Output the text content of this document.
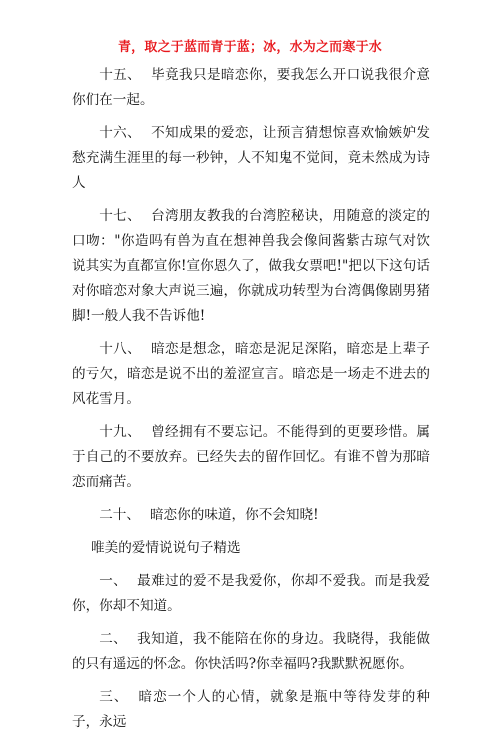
青，取之于蓝而青于蓝；冰，水为之而寒于水

十五、 毕竟我只是暗恋你，要我怎么开口说我很介意你们在一起。

十六、 不知成果的爱恋，让预言猜想惊喜欢愉嫉妒发愁充满生涯里的每一秒钟，人不知鬼不觉间，竟未然成为诗人

十七、 台湾朋友教我的台湾腔秘诀，用随意的淡定的口吻："你造吗有兽为直在想神兽我会像间酱紫古琼气对饮说其实为直都宣你!宣你恩久了，做我女票吧!"把以下这句话对你暗恋对象大声说三遍，你就成功转型为台湾偶像剧男猪脚!一般人我不告诉他!

十八、 暗恋是想念，暗恋是泥足深陷，暗恋是上辈子的亏欠，暗恋是说不出的羞涩宣言。暗恋是一场走不进去的风花雪月。

十九、 曾经拥有不要忘记。不能得到的更要珍惜。属于自己的不要放弃。已经失去的留作回忆。有谁不曾为那暗恋而痛苦。

二十、 暗恋你的味道，你不会知晓!

唯美的爱情说说句子精选

一、 最难过的爱不是我爱你，你却不爱我。而是我爱你，你却不知道。

二、 我知道，我不能陪在你的身边。我晓得，我能做的只有遥远的怀念。你快活吗?你幸福吗?我默默祝愿你。

三、 暗恋一个人的心情，就象是瓶中等待发芽的种子，永远
